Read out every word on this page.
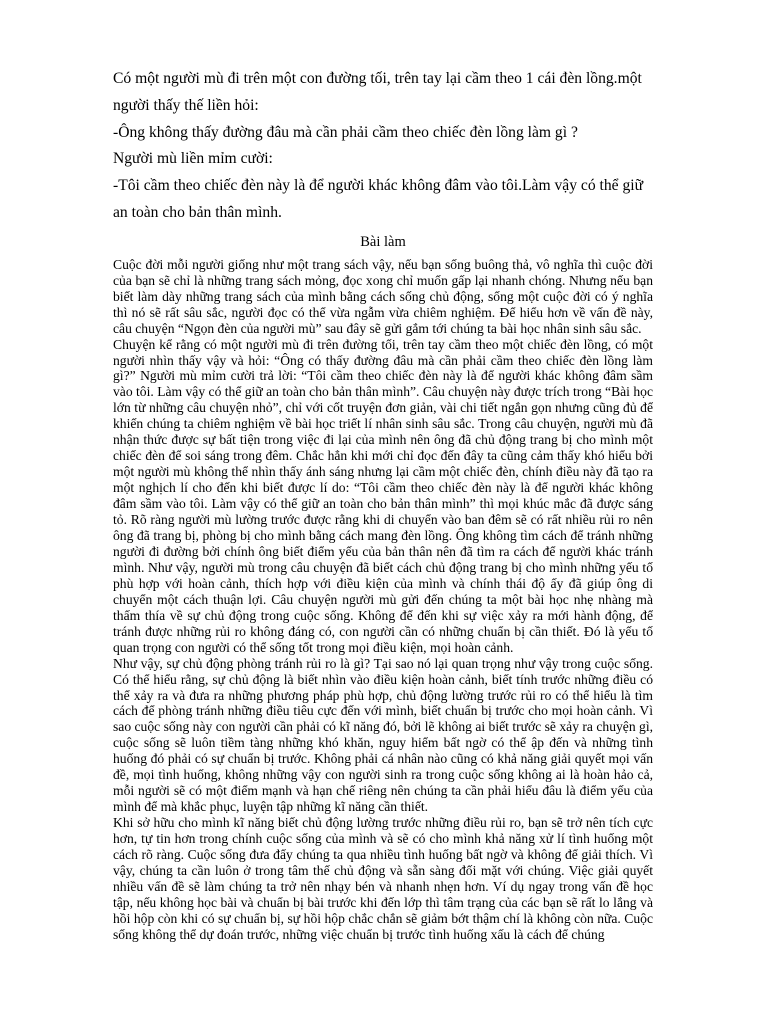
Có một người mù đi trên một con đường tối, trên tay lại cầm theo 1 cái đèn lồng.một người thấy thế liền hỏi:

-Ông không thấy đường đâu mà cần phải cầm theo chiếc đèn lồng làm gì ?

Người mù liền mỉm cười:

-Tôi cầm theo chiếc đèn này là để người khác không đâm vào tôi.Làm vậy có thể giữ an toàn cho bản thân mình.

Bài làm

Cuộc đời mỗi người giống như một trang sách vậy, nếu bạn sống buông thả, vô nghĩa thì cuộc đời của bạn sẽ chỉ là những trang sách mỏng, đọc xong chỉ muốn gấp lại nhanh chóng. Nhưng nếu bạn biết làm dày những trang sách của mình bằng cách sống chủ động, sống một cuộc đời có ý nghĩa thì nó sẽ rất sâu sắc, người đọc có thể vừa ngẫm vừa chiêm nghiệm. Để hiểu hơn về vấn đề này, câu chuyện “Ngọn đèn của người mù” sau đây sẽ gửi gắm tới chúng ta bài học nhân sinh sâu sắc.

Chuyện kể rằng có một người mù đi trên đường tối, trên tay cầm theo một chiếc đèn lồng, có một người nhìn thấy vậy và hỏi: “Ông có thấy đường đâu mà cần phải cầm theo chiếc đèn lồng làm gì?” Người mù mỉm cười trả lời: “Tôi cầm theo chiếc đèn này là để người khác không đâm sầm vào tôi. Làm vậy có thể giữ an toàn cho bản thân mình”. Câu chuyện này được trích trong “Bài học lớn từ những câu chuyện nhỏ”, chỉ với cốt truyện đơn giản, vài chi tiết ngắn gọn nhưng cũng đủ để khiến chúng ta chiêm nghiệm về bài học triết lí nhân sinh sâu sắc. Trong câu chuyện, người mù đã nhận thức được sự bất tiện trong việc đi lại của mình nên ông đã chủ động trang bị cho mình một chiếc đèn để soi sáng trong đêm. Chắc hẳn khi mới chỉ đọc đến đây ta cũng cảm thấy khó hiểu bởi một người mù không thể nhìn thấy ánh sáng nhưng lại cầm một chiếc đèn, chính điều này đã tạo ra một nghịch lí cho đến khi biết được lí do: “Tôi cầm theo chiếc đèn này là để người khác không đâm sầm vào tôi. Làm vậy có thể giữ an toàn cho bản thân mình” thì mọi khúc mắc đã được sáng tỏ. Rõ ràng người mù lường trước được rằng khi di chuyển vào ban đêm sẽ có rất nhiều rủi ro nên ông đã trang bị, phòng bị cho mình bằng cách mang đèn lồng. Ông không tìm cách để tránh những người đi đường bởi chính ông biết điểm yếu của bản thân nên đã tìm ra cách để người khác tránh mình. Như vậy, người mù trong câu chuyện đã biết cách chủ động trang bị cho mình những yếu tố phù hợp với hoàn cảnh, thích hợp với điều kiện của mình và chính thái độ ấy đã giúp ông di chuyển một cách thuận lợi. Câu chuyện người mù gửi đến chúng ta một bài học nhẹ nhàng mà thấm thía về sự chủ động trong cuộc sống. Không để đến khi sự việc xảy ra mới hành động, để tránh được những rủi ro không đáng có, con người cần có những chuẩn bị cần thiết. Đó là yếu tố quan trọng con người có thể sống tốt trong mọi điều kiện, mọi hoàn cảnh.

Như vậy, sự chủ động phòng tránh rủi ro là gì? Tại sao nó lại quan trọng như vậy trong cuộc sống. Có thể hiểu rằng, sự chủ động là biết nhìn vào điều kiện hoàn cảnh, biết tính trước những điều có thể xảy ra và đưa ra những phương pháp phù hợp, chủ động lường trước rủi ro có thể hiểu là tìm cách để phòng tránh những điều tiêu cực đến với mình, biết chuẩn bị trước cho mọi hoàn cảnh. Vì sao cuộc sống này con người cần phải có kĩ năng đó, bởi lẽ không ai biết trước sẽ xảy ra chuyện gì, cuộc sống sẽ luôn tiềm tàng những khó khăn, nguy hiểm bất ngờ có thể ập đến và những tình huống đó phải có sự chuẩn bị trước. Không phải cá nhân nào cũng có khả năng giải quyết mọi vấn đề, mọi tình huống, không những vậy con người sinh ra trong cuộc sống không ai là hoàn hảo cả, mỗi người sẽ có một điểm mạnh và hạn chế riêng nên chúng ta cần phải hiểu đâu là điểm yếu của mình để mà khắc phục, luyện tập những kĩ năng cần thiết.

Khi sở hữu cho mình kĩ năng biết chủ động lường trước những điều rủi ro, bạn sẽ trở nên tích cực hơn, tự tin hơn trong chính cuộc sống của mình và sẽ có cho mình khả năng xử lí tình huống một cách rõ ràng. Cuộc sống đưa đẩy chúng ta qua nhiều tình huống bất ngờ và không để giải thích. Vì vậy, chúng ta cần luôn ở trong tâm thế chủ động và sẵn sàng đối mặt với chúng. Việc giải quyết nhiều vấn đề sẽ làm chúng ta trở nên nhạy bén và nhanh nhẹn hơn. Ví dụ ngay trong vấn đề học tập, nếu không học bài và chuẩn bị bài trước khi đến lớp thì tâm trạng của các bạn sẽ rất lo lắng và hồi hộp còn khi có sự chuẩn bị, sự hồi hộp chắc chắn sẽ giảm bớt thậm chí là không còn nữa. Cuộc sống không thể dự đoán trước, những việc chuẩn bị trước tình huống xấu là cách để chúng
